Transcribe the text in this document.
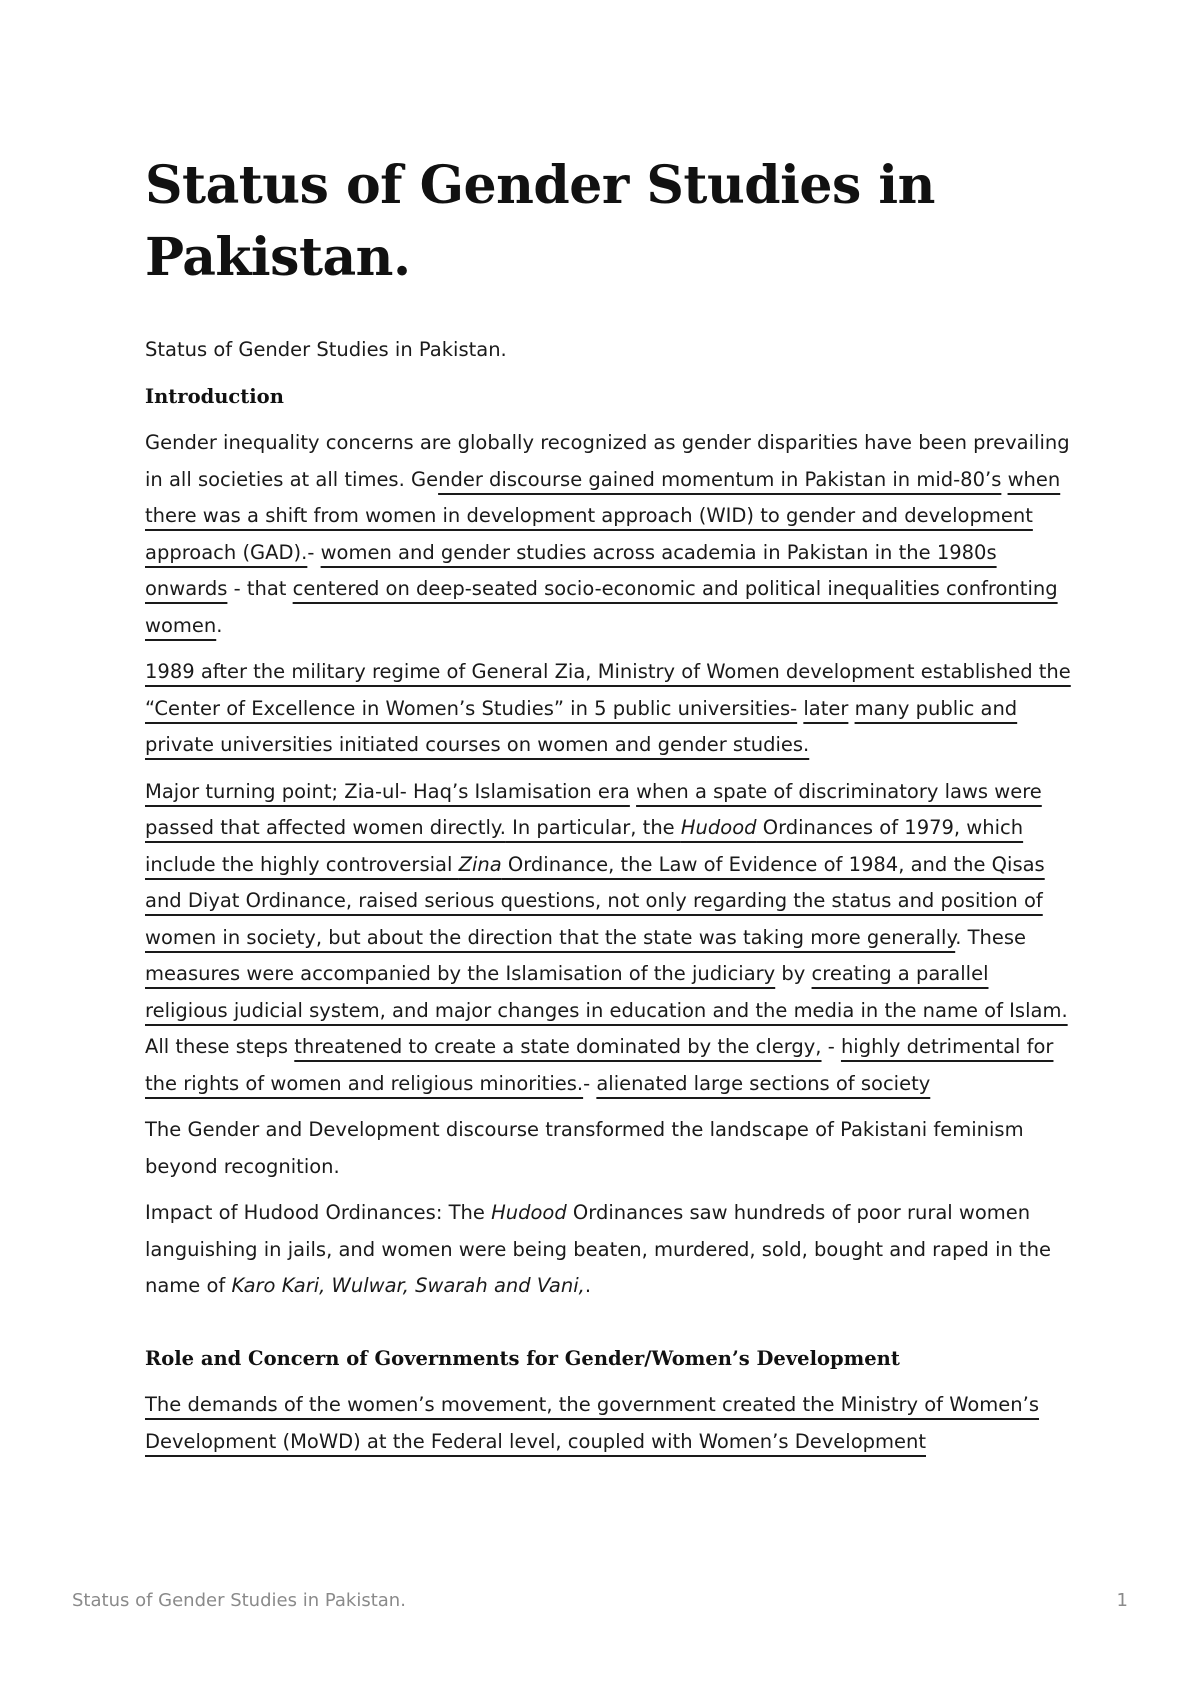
Status of Gender Studies in Pakistan.

Status of Gender Studies in Pakistan.

Introduction

Gender inequality concerns are globally recognized as gender disparities have been prevailing in all societies at all times. Gender discourse gained momentum in Pakistan in mid-80’s when there was a shift from women in development approach (WID) to gender and development approach (GAD).- women and gender studies across academia in Pakistan in the 1980s onwards - that centered on deep-seated socio-economic and political inequalities confronting women.

1989 after the military regime of General Zia, Ministry of Women development established the “Center of Excellence in Women’s Studies” in 5 public universities- later many public and private universities initiated courses on women and gender studies.

Major turning point; Zia-ul- Haq’s Islamisation era when a spate of discriminatory laws were passed that affected women directly. In particular, the Hudood Ordinances of 1979, which include the highly controversial Zina Ordinance, the Law of Evidence of 1984, and the Qisas and Diyat Ordinance, raised serious questions, not only regarding the status and position of women in society, but about the direction that the state was taking more generally. These measures were accompanied by the Islamisation of the judiciary by creating a parallel religious judicial system, and major changes in education and the media in the name of Islam. All these steps threatened to create a state dominated by the clergy, - highly detrimental for the rights of women and religious minorities.- alienated large sections of society

The Gender and Development discourse transformed the landscape of Pakistani feminism beyond recognition.

Impact of Hudood Ordinances: The Hudood Ordinances saw hundreds of poor rural women languishing in jails, and women were being beaten, murdered, sold, bought and raped in the name of Karo Kari, Wulwar, Swarah and Vani,.

Role and Concern of Governments for Gender/Women’s Development

The demands of the women’s movement, the government created the Ministry of Women’s Development (MoWD) at the Federal level, coupled with Women’s Development

Status of Gender Studies in Pakistan.	1
